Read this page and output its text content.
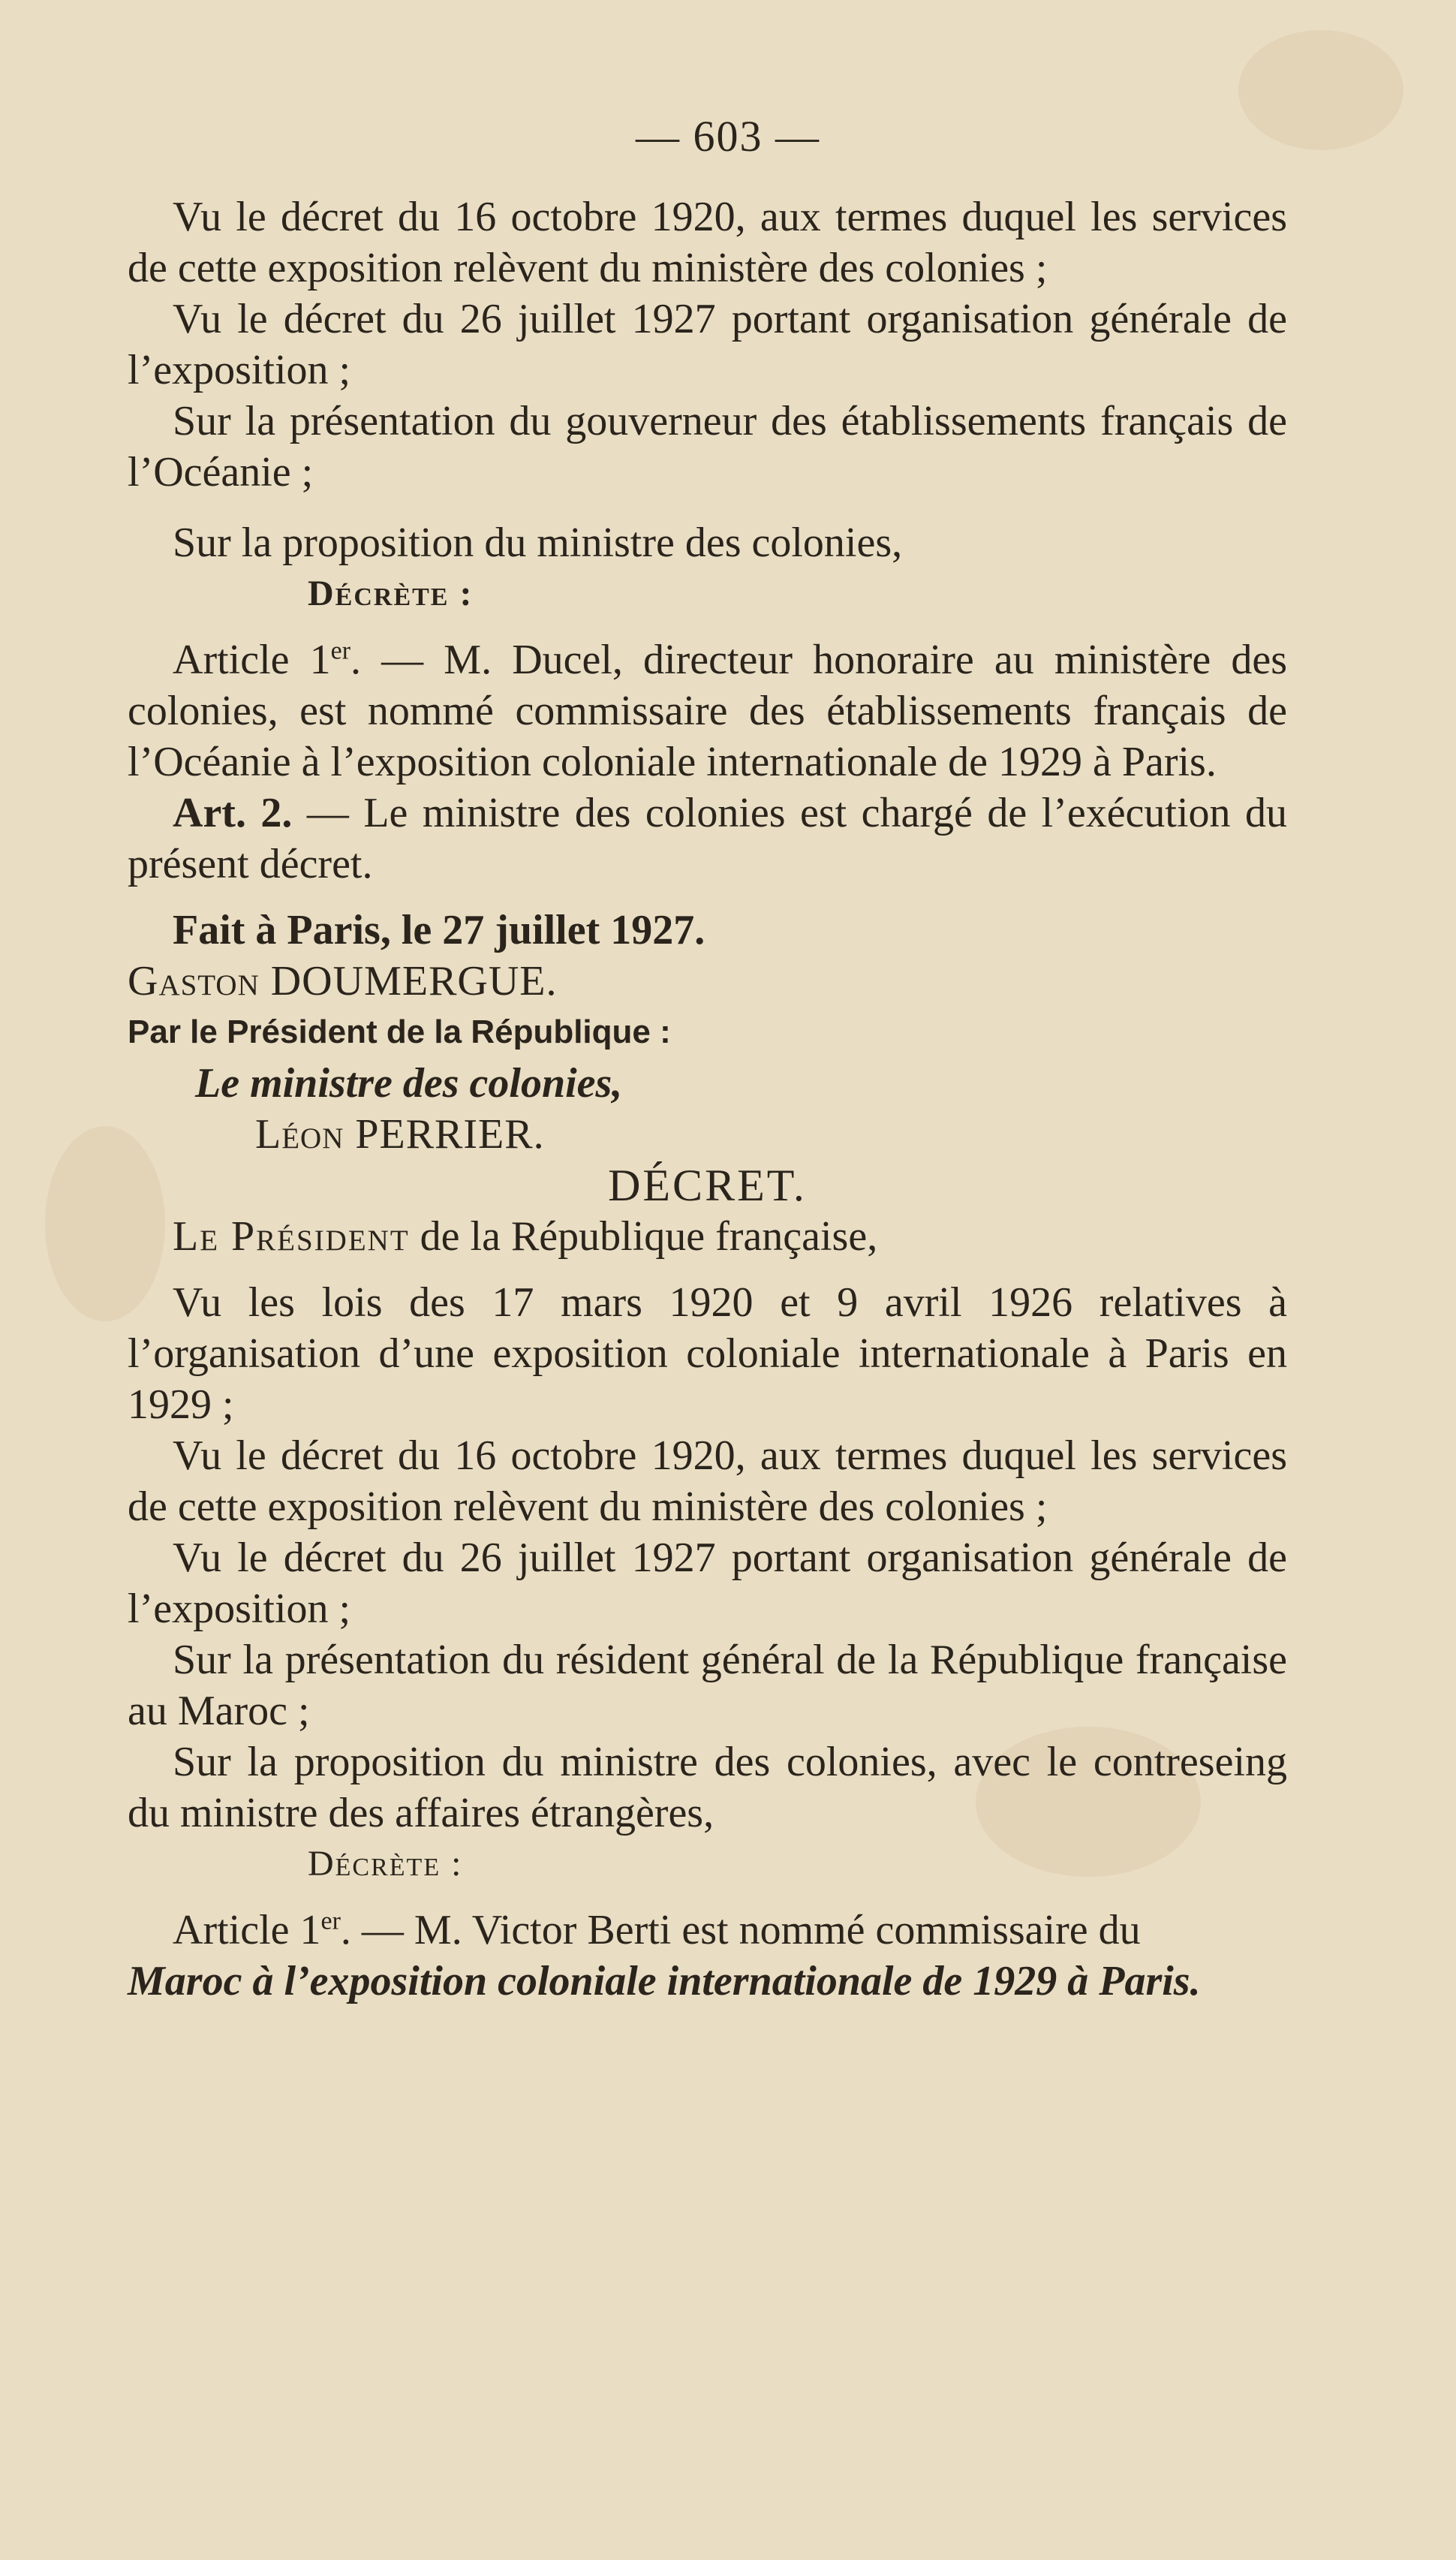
— 603 —

Vu le décret du 16 octobre 1920, aux termes duquel les services de cette exposition relèvent du ministère des colonies ;

Vu le décret du 26 juillet 1927 portant organisation générale de l’exposition ;

Sur la présentation du gouverneur des établissements français de l’Océanie ;

Sur la proposition du ministre des colonies,

Décrète :

Article 1er. — M. Ducel, directeur honoraire au ministère des colonies, est nommé commissaire des établissements français de l’Océanie à l’exposition coloniale internationale de 1929 à Paris.

Art. 2. — Le ministre des colonies est chargé de l’exécution du présent décret.

Fait à Paris, le 27 juillet 1927.

Gaston DOUMERGUE.

Par le Président de la République :

Le ministre des colonies,

Léon PERRIER.

DÉCRET.

Le Président de la République française,

Vu les lois des 17 mars 1920 et 9 avril 1926 relatives à l’organisation d’une exposition coloniale internationale à Paris en 1929 ;

Vu le décret du 16 octobre 1920, aux termes duquel les services de cette exposition relèvent du ministère des colonies ;

Vu le décret du 26 juillet 1927 portant organisation générale de l’exposition ;

Sur la présentation du résident général de la République française au Maroc ;

Sur la proposition du ministre des colonies, avec le contreseing du ministre des affaires étrangères,

Décrète :

Article 1er. — M. Victor Berti est nommé commissaire du

Maroc à l’exposition coloniale internationale de 1929 à Paris.
